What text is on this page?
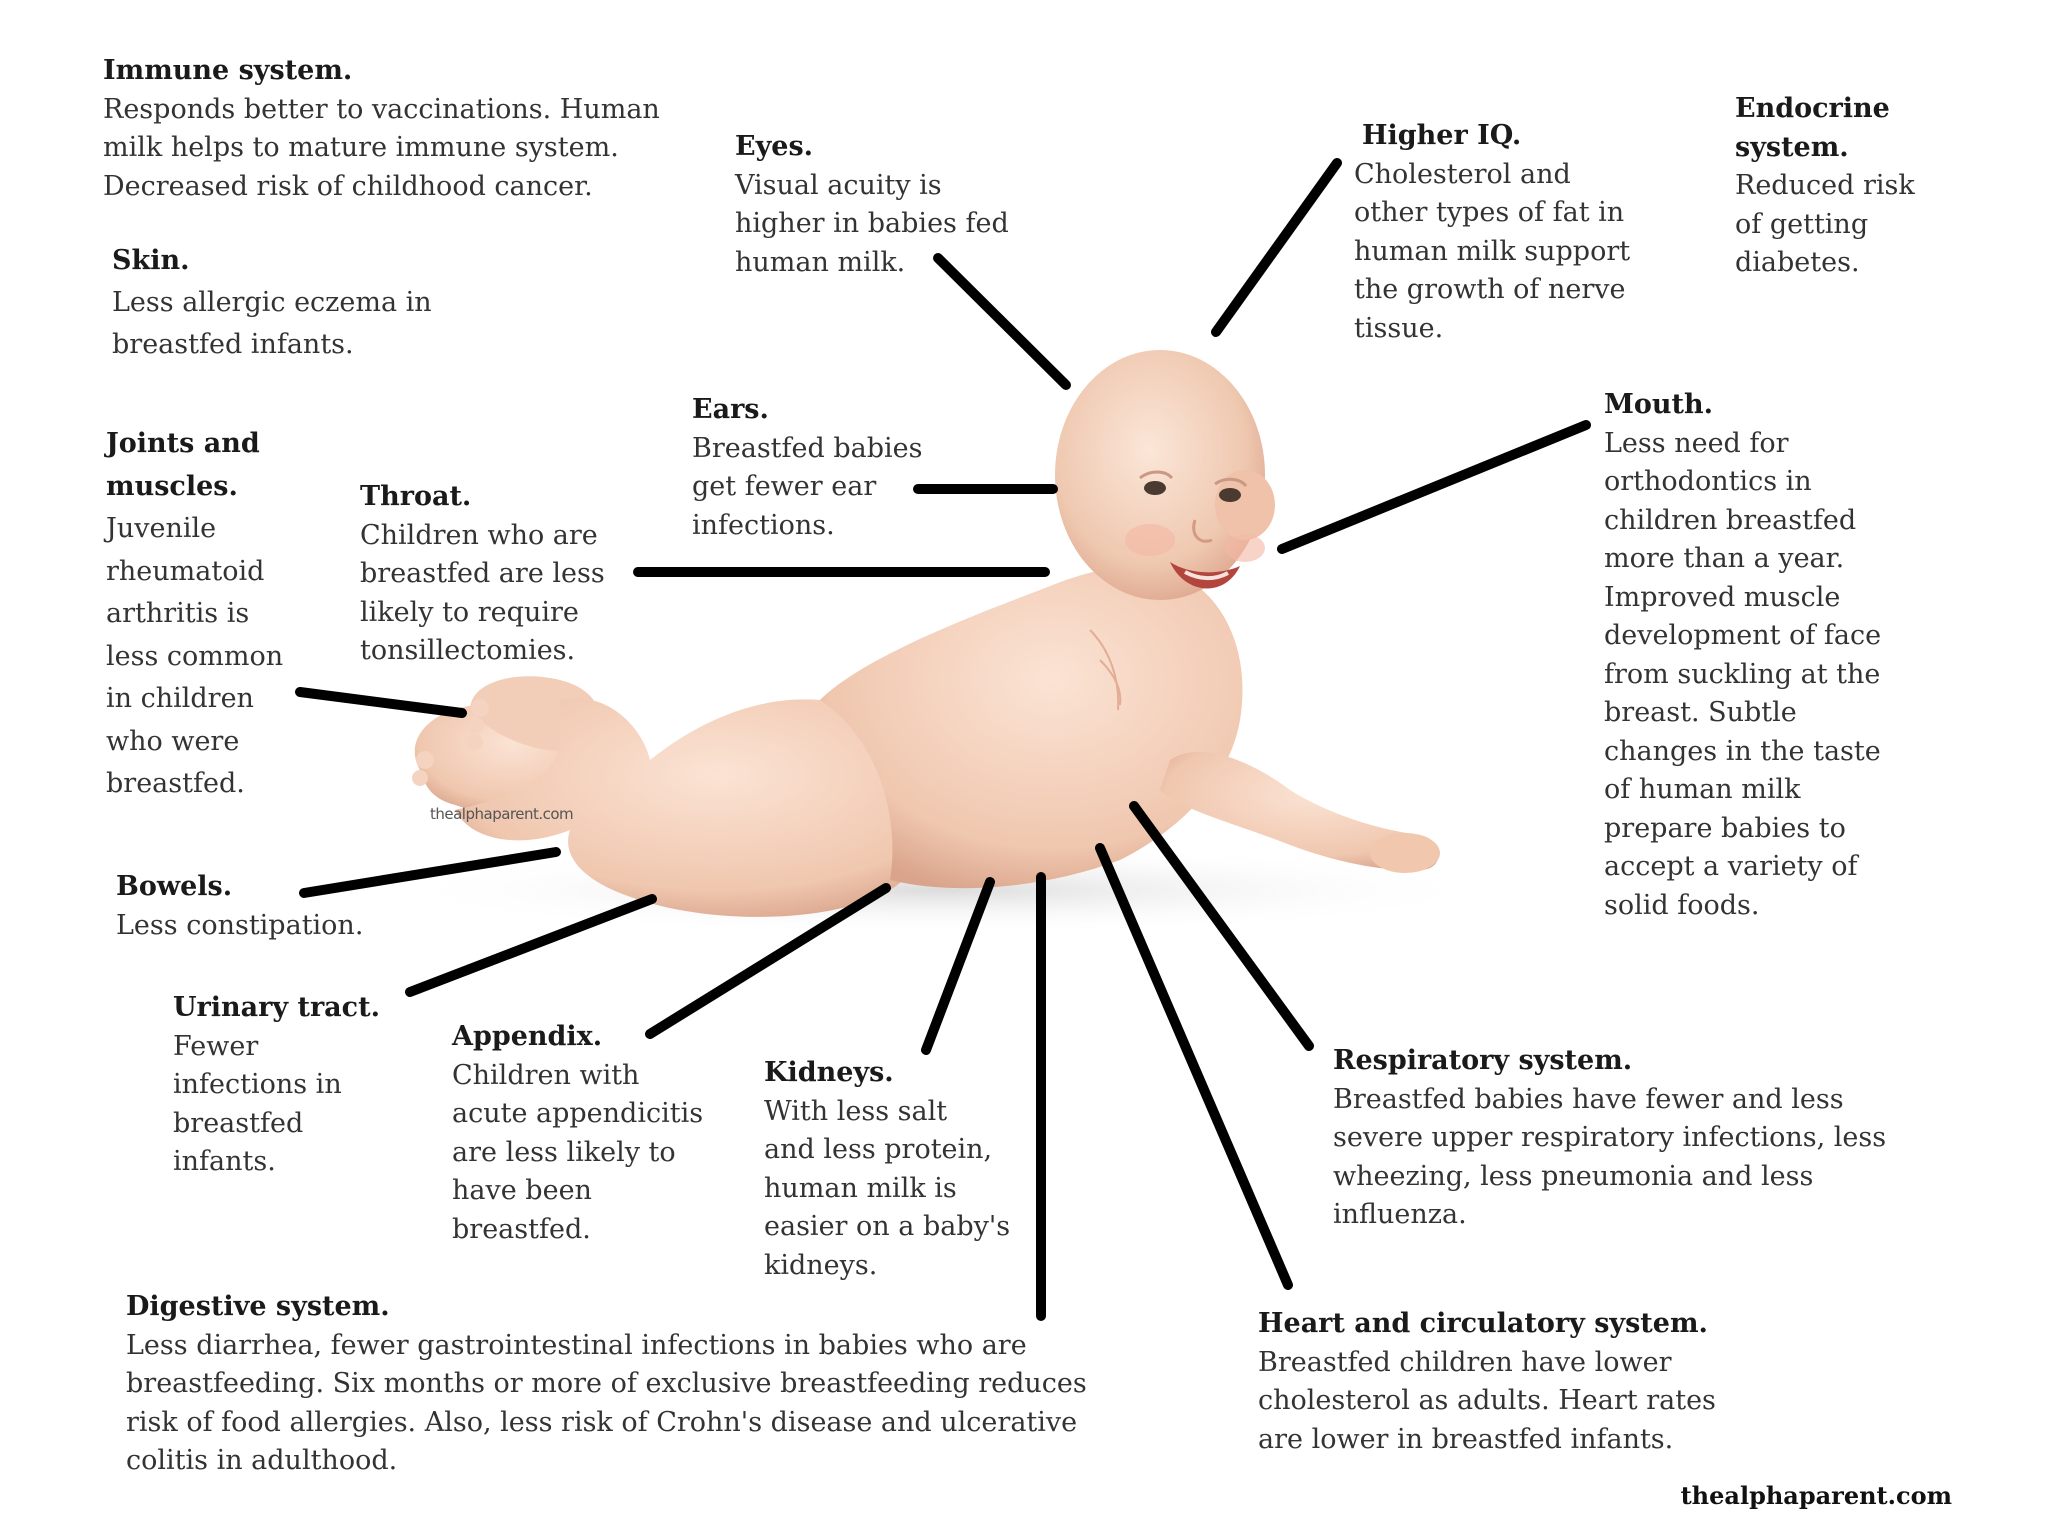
thealphaparent.com
Immune system.
Responds better to vaccinations. Human
milk helps to mature immune system.
Decreased risk of childhood cancer.
Skin.
Less allergic eczema in
breastfed infants.
Joints and
muscles.
Juvenile
rheumatoid
arthritis is
less common
in children
who were
breastfed.
Throat.
Children who are
breastfed are less
likely to require
tonsillectomies.
Eyes.
Visual acuity is
higher in babies fed
human milk.
Ears.
Breastfed babies
get fewer ear
infections.
Higher IQ.
Cholesterol and
other types of fat in
human milk support
the growth of nerve
tissue.
Endocrine
system.
Reduced risk
of getting
diabetes.
Mouth.
Less need for
orthodontics in
children breastfed
more than a year.
Improved muscle
development of face
from suckling at the
breast. Subtle
changes in the taste
of human milk
prepare babies to
accept a variety of
solid foods.
Bowels.
Less constipation.
Urinary tract.
Fewer
infections in
breastfed
infants.
Appendix.
Children with
acute appendicitis
are less likely to
have been
breastfed.
Kidneys.
With less salt
and less protein,
human milk is
easier on a baby's
kidneys.
Respiratory system.
Breastfed babies have fewer and less
severe upper respiratory infections, less
wheezing, less pneumonia and less
influenza.
Heart and circulatory system.
Breastfed children have lower
cholesterol as adults. Heart rates
are lower in breastfed infants.
Digestive system.
Less diarrhea, fewer gastrointestinal infections in babies who are
breastfeeding. Six months or more of exclusive breastfeeding reduces
risk of food allergies. Also, less risk of Crohn's disease and ulcerative
colitis in adulthood.
thealphaparent.com
